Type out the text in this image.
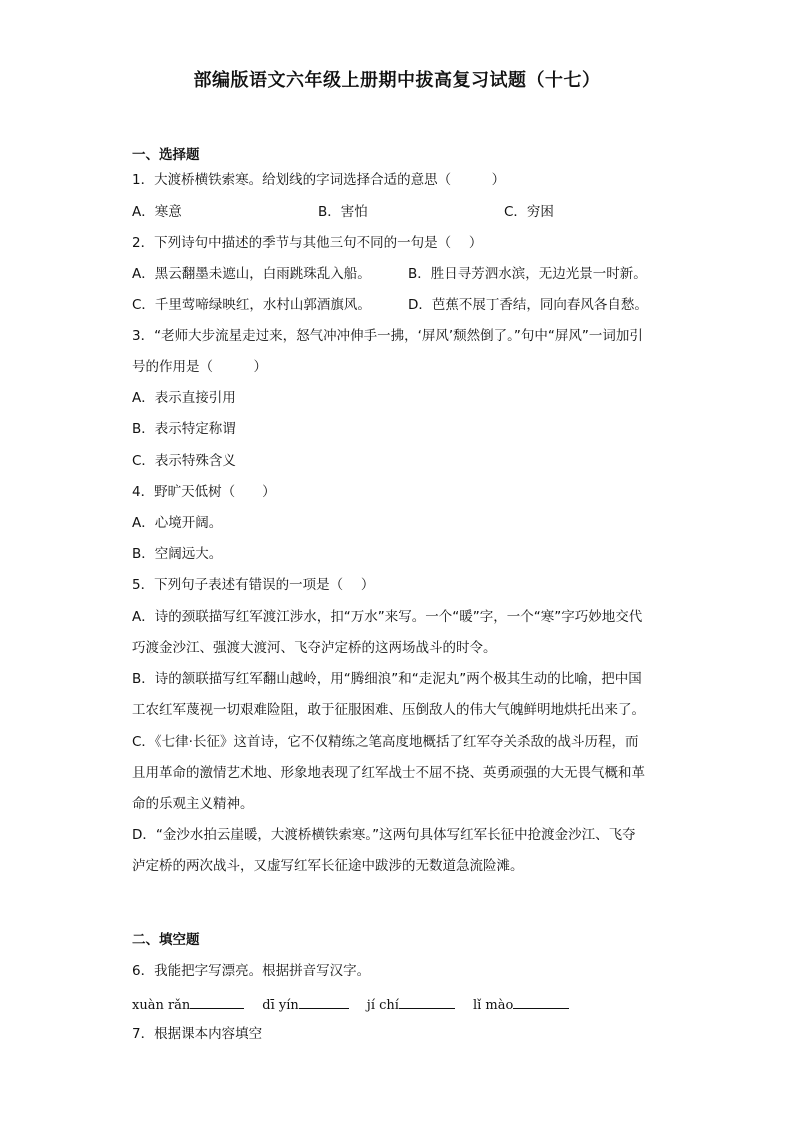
部编版语文六年级上册期中拔高复习试题（十七）
一、选择题
1．大渡桥横铁索寒。给划线的字词选择合适的意思（　　　）
A．寒意	B．害怕	C．穷困
2．下列诗句中描述的季节与其他三句不同的一句是（　 ）
A．黑云翻墨未遮山，白雨跳珠乱入船。	B．胜日寻芳泗水滨，无边光景一时新。
C．千里莺啼绿映红，水村山郭酒旗风。	D．芭蕉不展丁香结，同向春风各自愁。
3．“老师大步流星走过来，怒气冲冲伸手一拂，‘屏风’颓然倒了。”句中“屏风”一词加引
号的作用是（　　　）
A．表示直接引用
B．表示特定称谓
C．表示特殊含义
4．野旷天低树（　　）
A．心境开阔。
B．空阔远大。
5．下列句子表述有错误的一项是（　 ）
A．诗的颈联描写红军渡江涉水，扣“万水”来写。一个“暖”字，一个“寒”字巧妙地交代
巧渡金沙江、强渡大渡河、飞夺泸定桥的这两场战斗的时令。
B．诗的颔联描写红军翻山越岭，用“腾细浪”和“走泥丸”两个极其生动的比喻，把中国
工农红军蔑视一切艰难险阻，敢于征服困难、压倒敌人的伟大气魄鲜明地烘托出来了。
C．《七律·长征》这首诗，它不仅精练之笔高度地概括了红军夺关杀敌的战斗历程，而
且用革命的激情艺术地、形象地表现了红军战士不屈不挠、英勇顽强的大无畏气概和革
命的乐观主义精神。
D．“金沙水拍云崖暖，大渡桥横铁索寒。”这两句具体写红军长征中抢渡金沙江、飞夺
泸定桥的两次战斗，又虚写红军长征途中跋涉的无数道急流险滩。
二、填空题
6．我能把字写漂亮。根据拼音写汉字。
xuàn rǎn	dī yín	jí chí	lǐ mào
7．根据课本内容填空
